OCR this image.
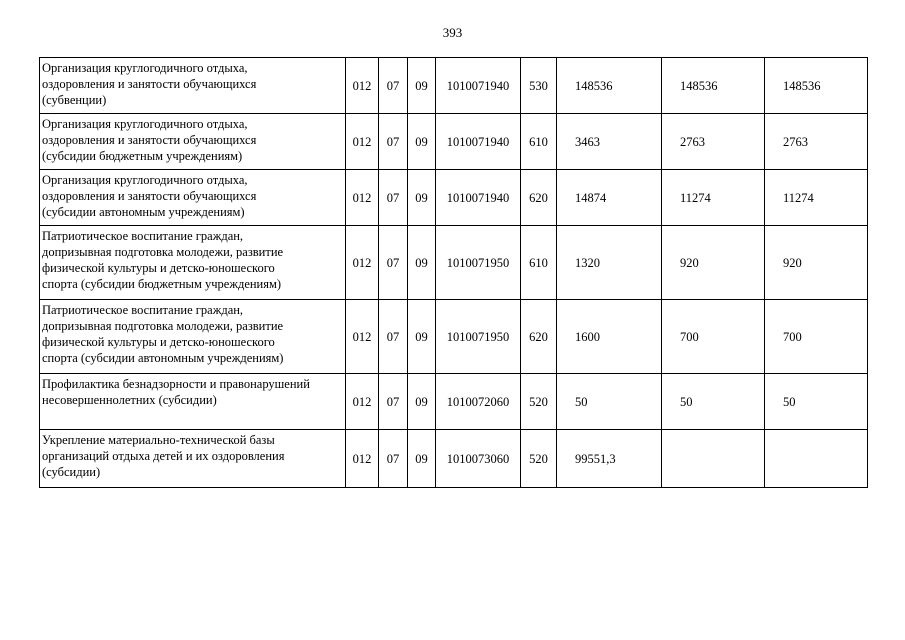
393
Организация круглогодичного отдыха,
оздоровления и занятости обучающихся
(субвенции)	012	07	09	1010071940	530	148536	148536	148536

Организация круглогодичного отдыха,
оздоровления и занятости обучающихся
(субсидии бюджетным учреждениям)	012	07	09	1010071940	610	3463	2763	2763

Организация круглогодичного отдыха,
оздоровления и занятости обучающихся
(субсидии автономным учреждениям)	012	07	09	1010071940	620	14874	11274	11274

Патриотическое воспитание граждан,
допризывная подготовка молодежи, развитие
физической культуры и детско-юношеского
спорта (субсидии бюджетным учреждениям)	012	07	09	1010071950	610	1320	920	920

Патриотическое воспитание граждан,
допризывная подготовка молодежи, развитие
физической культуры и детско-юношеского
спорта (субсидии автономным учреждениям)	012	07	09	1010071950	620	1600	700	700

Профилактика безнадзорности и правонарушений
несовершеннолетних (субсидии)	012	07	09	1010072060	520	50	50	50

Укрепление материально-технической базы
организаций отдыха детей и их оздоровления
(субсидии)	012	07	09	1010073060	520	99551,3		
